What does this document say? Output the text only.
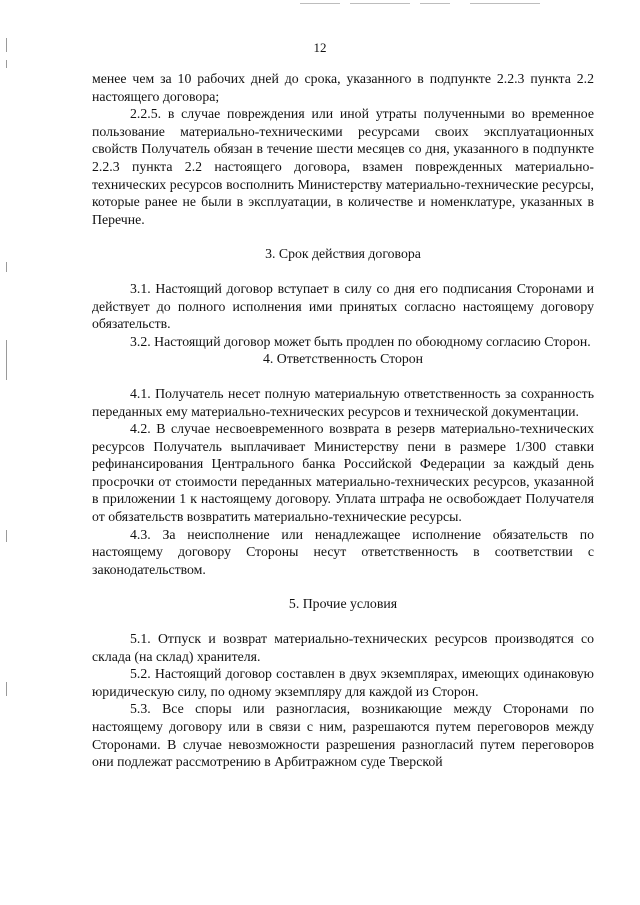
12

менее чем за 10 рабочих дней до срока, указанного в подпункте 2.2.3 пункта 2.2 настоящего договора;

2.2.5. в случае повреждения или иной утраты полученными во временное пользование материально-техническими ресурсами своих эксплуатационных свойств Получатель обязан в течение шести месяцев со дня, указанного в подпункте 2.2.3 пункта 2.2 настоящего договора, взамен поврежденных материально-технических ресурсов восполнить Министерству материально-технические ресурсы, которые ранее не были в эксплуатации, в количестве и номенклатуре, указанных в Перечне.

3. Срок действия договора

3.1. Настоящий договор вступает в силу со дня его подписания Сторонами и действует до полного исполнения ими принятых согласно настоящему договору обязательств.

3.2. Настоящий договор может быть продлен по обоюдному согласию Сторон.

4. Ответственность Сторон

4.1. Получатель несет полную материальную ответственность за сохранность переданных ему материально-технических ресурсов и технической документации.

4.2. В случае несвоевременного возврата в резерв материально-технических ресурсов Получатель выплачивает Министерству пени в размере 1/300 ставки рефинансирования Центрального банка Российской Федерации за каждый день просрочки от стоимости переданных материально-технических ресурсов, указанной в приложении 1 к настоящему договору. Уплата штрафа не освобождает Получателя от обязательств возвратить материально-технические ресурсы.

4.3. За неисполнение или ненадлежащее исполнение обязательств по настоящему договору Стороны несут ответственность в соответствии с законодательством.

5. Прочие условия

5.1. Отпуск и возврат материально-технических ресурсов производятся со склада (на склад) хранителя.

5.2. Настоящий договор составлен в двух экземплярах, имеющих одинаковую юридическую силу, по одному экземпляру для каждой из Сторон.

5.3. Все споры или разногласия, возникающие между Сторонами по настоящему договору или в связи с ним, разрешаются путем переговоров между Сторонами. В случае невозможности разрешения разногласий путем переговоров они подлежат рассмотрению в Арбитражном суде Тверской
